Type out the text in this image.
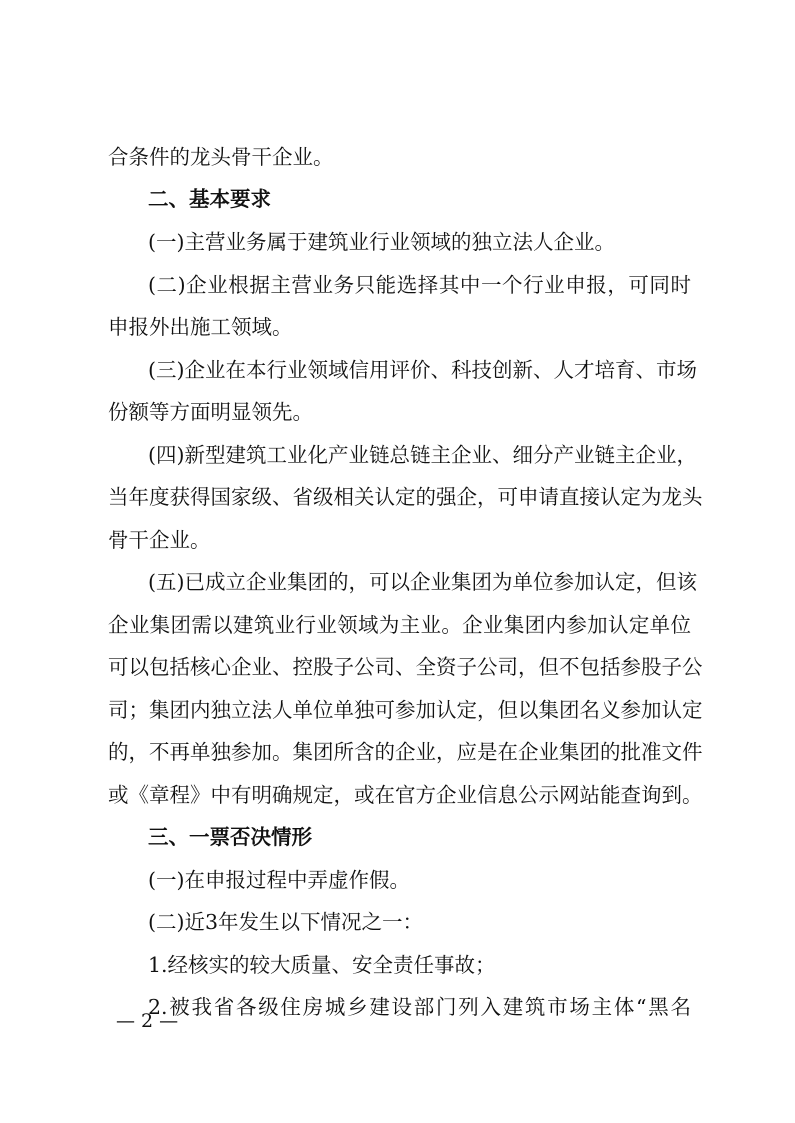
合条件的龙头骨干企业。
二、基本要求
(一)主营业务属于建筑业行业领域的独立法人企业。
(二)企业根据主营业务只能选择其中一个行业申报，可同时
申报外出施工领域。
(三)企业在本行业领域信用评价、科技创新、人才培育、市场
份额等方面明显领先。
(四)新型建筑工业化产业链总链主企业、细分产业链主企业，
当年度获得国家级、省级相关认定的强企，可申请直接认定为龙头
骨干企业。
(五)已成立企业集团的，可以企业集团为单位参加认定，但该
企业集团需以建筑业行业领域为主业。企业集团内参加认定单位
可以包括核心企业、控股子公司、全资子公司，但不包括参股子公
司；集团内独立法人单位单独可参加认定，但以集团名义参加认定
的，不再单独参加。集团所含的企业，应是在企业集团的批准文件
或《章程》中有明确规定，或在官方企业信息公示网站能查询到。
三、一票否决情形
(一)在申报过程中弄虚作假。
(二)近3年发生以下情况之一：
1.经核实的较大质量、安全责任事故；
2.被我省各级住房城乡建设部门列入建筑市场主体“黑名
— 2 —
